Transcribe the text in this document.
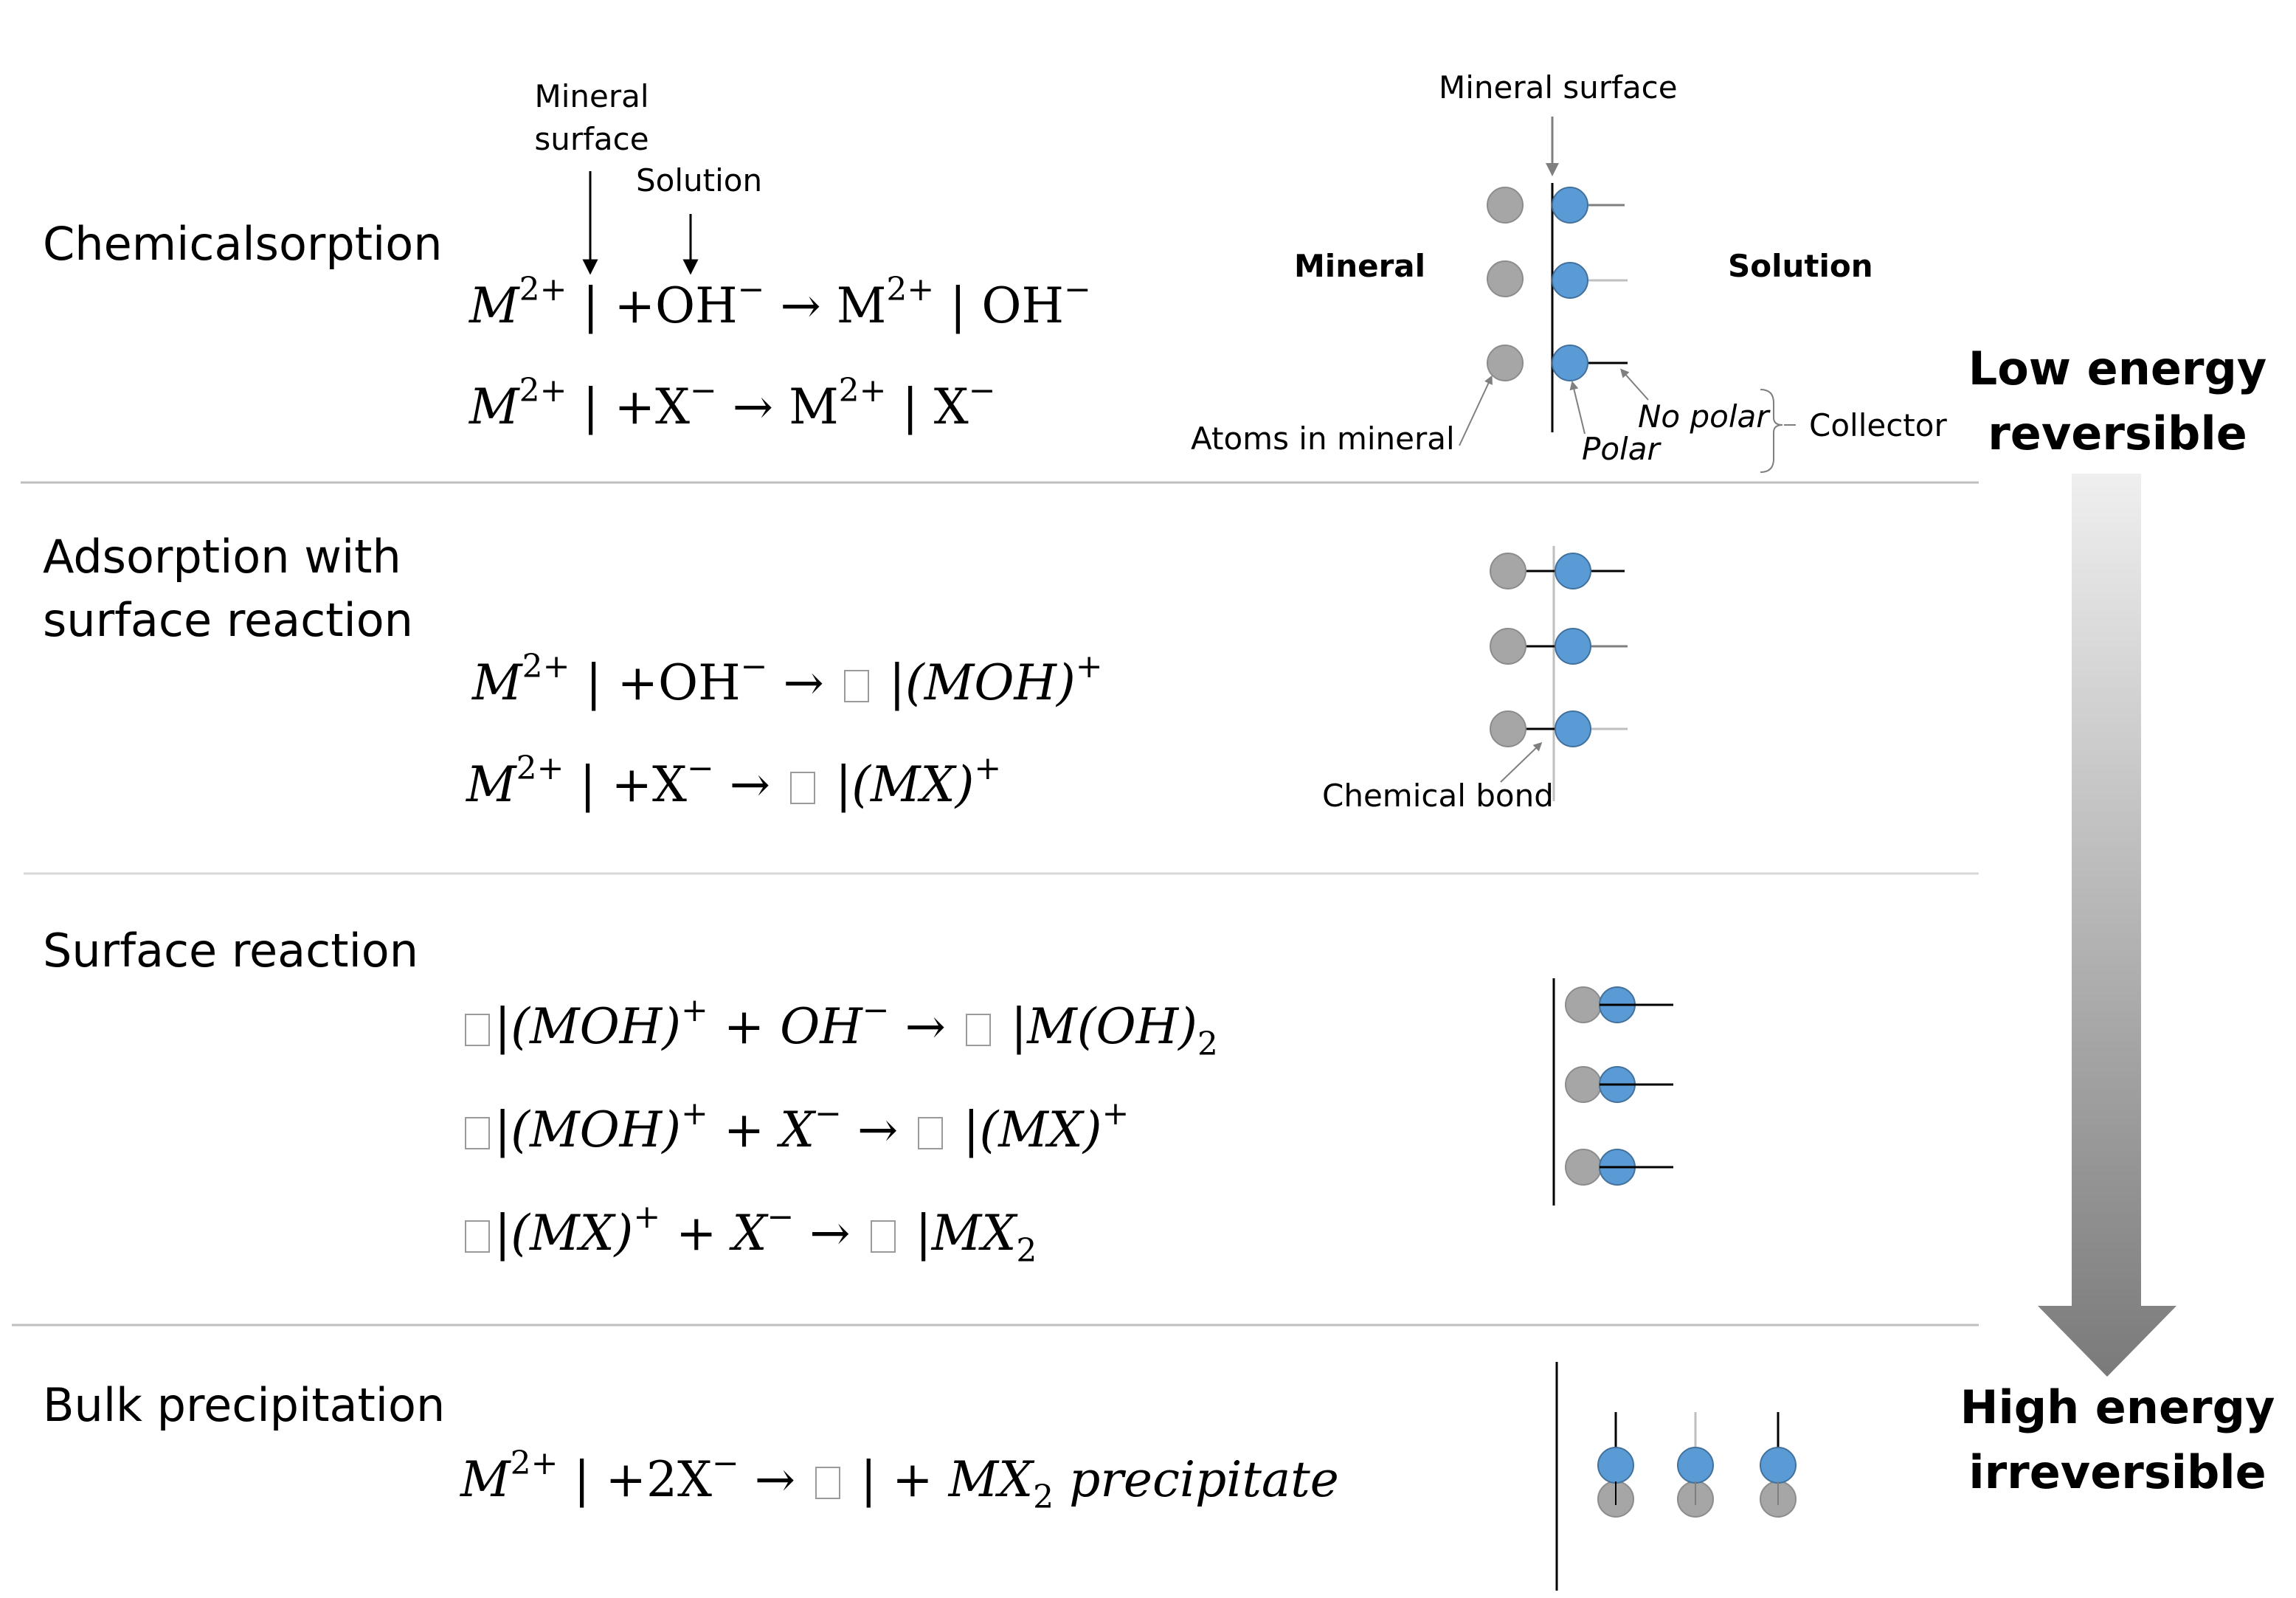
Chemicalsorption
Adsorption with
surface reaction
Surface reaction
Bulk precipitation
Mineral surface
Solution
$M^{2+}$ | $+OH^- \to M^{2+}$ | OH−
$M^{2+}$ | $+X^- \to M^{2+}$ | X−
$M^{2+}$ | +OH− →  |(MOH)+
$M^{2+}$ | +X− →  |(MX)+
$|(MOH)^+ + OH^- \to |M(OH)_2$
|(MOH)+ + X− →  |(MX)+
$|(MX)^+ + X^- \to |MX_2$
$M^{2+}$ | +2X− →  | + $MX_2$ precipitate
Mineral surface
Mineral	Solution
Atoms in mineral
No polar
Polar
Collector
Chemical bond
Low energy
reversible
High energy
irreversible
